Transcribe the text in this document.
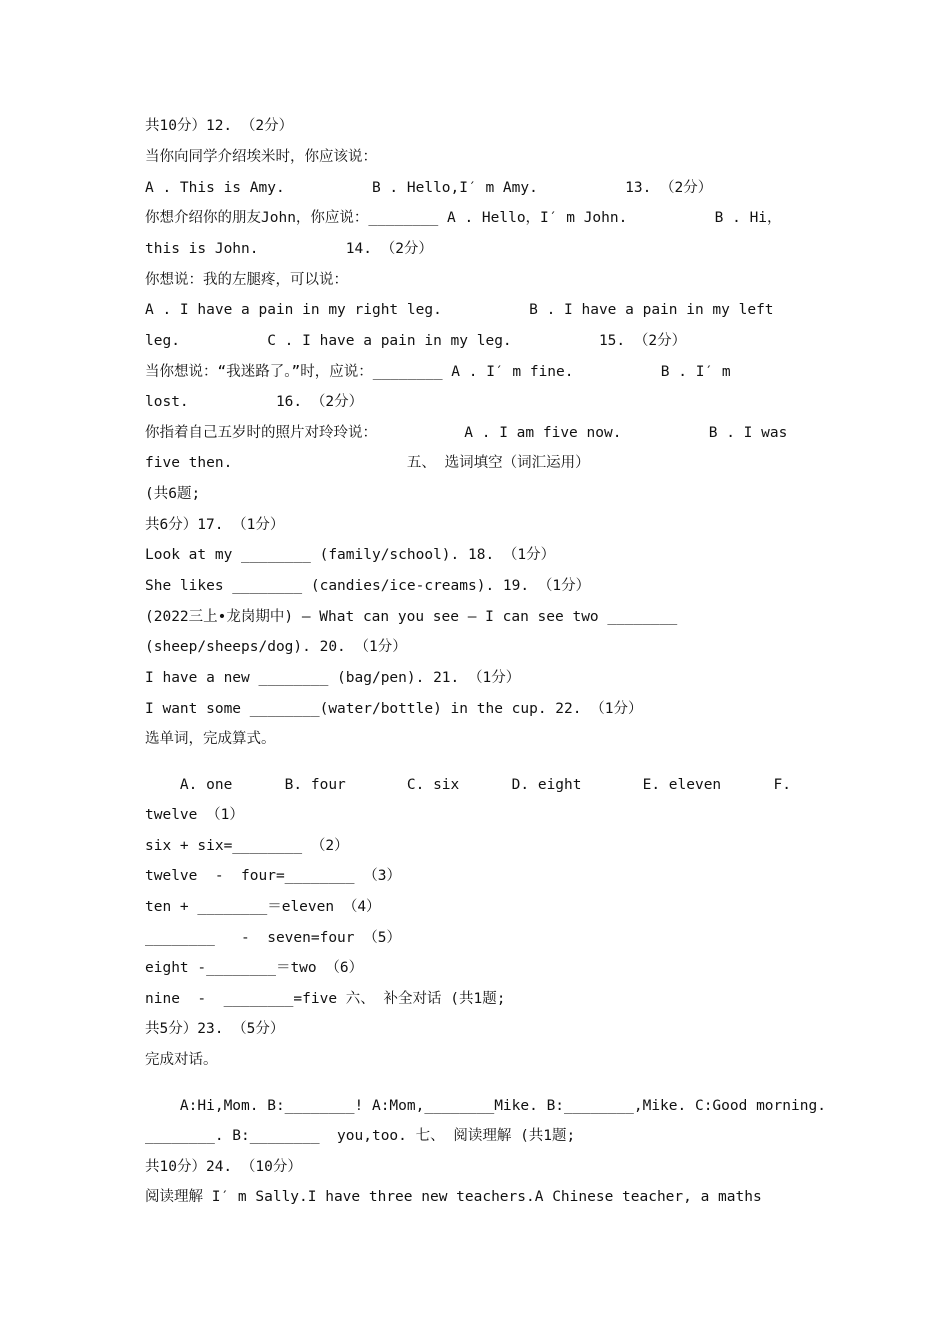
共10分）12. （2分）
当你向同学介绍埃米时，你应该说：
A . This is Amy.          B . Hello,I′ m Amy.          13. （2分）
你想介绍你的朋友John，你应说：________ A . Hello，I′ m John.          B . Hi，
this is John.          14. （2分）
你想说：我的左腿疼，可以说：
A . I have a pain in my right leg.          B . I have a pain in my left
leg.          C . I have a pain in my leg.          15. （2分）
当你想说：“我迷路了。”时，应说：________ A . I′ m fine.          B . I′ m
lost.          16. （2分）
你指着自己五岁时的照片对玲玲说：          A . I am five now.          B . I was
five then.                    五、 选词填空（词汇运用）
(共6题;
共6分）17. （1分）
Look at my ________ (family/school). 18. （1分）
She likes ________ (candies/ice-creams). 19. （1分）
(2022三上•龙岗期中) — What can you see — I can see two ________
(sheep/sheeps/dog). 20. （1分）
I have a new ________ (bag/pen). 21. （1分）
I want some ________(water/bottle) in the cup. 22. （1分）
选单词，完成算式。
A. one      B. four       C. six      D. eight       E. eleven      F.
twelve （1）
six + six=________ （2）
twelve  -  four=________ （3）
ten + ________＝eleven （4）
________   -  seven=four （5）
eight -________＝two （6）
nine  -  ________=five 六、 补全对话 (共1题;
共5分）23. （5分）
完成对话。
A:Hi,Mom. B:________! A:Mom,________Mike. B:________,Mike. C:Good morning.
________. B:________  you,too. 七、 阅读理解 (共1题;
共10分）24. （10分）
阅读理解 I′ m Sally.I have three new teachers.A Chinese teacher, a maths
